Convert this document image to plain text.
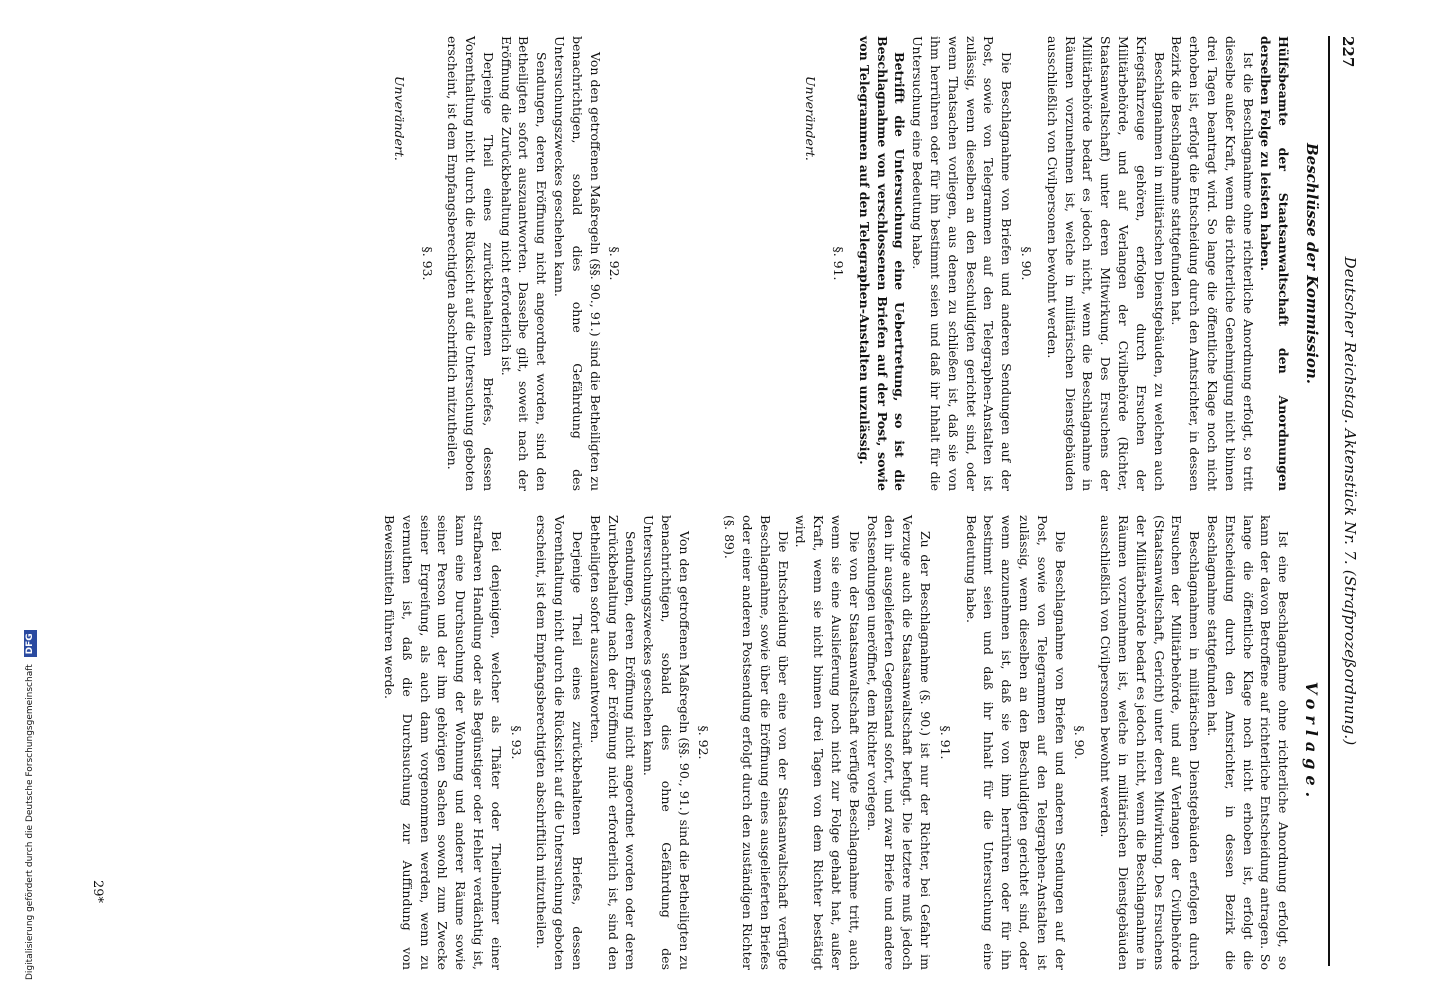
227
Deutscher Reichstag. Aktenstück Nr. 7. (Strafprozeßordnung.)
Beschlüsse der Kommission.

Hülfsbeamte der Staatsanwaltschaft den Anordnungen derselben Folge zu leisten haben.

Ist die Beschlagnahme ohne richterliche Anordnung erfolgt, so tritt dieselbe außer Kraft, wenn die richterliche Genehmigung nicht binnen drei Tagen beantragt wird. So lange die öffentliche Klage noch nicht erhoben ist, erfolgt die Entscheidung durch den Amtsrichter, in dessen Bezirk die Beschlagnahme stattgefunden hat.

Beschlagnahmen in militärischen Dienstgebäuden, zu welchen auch Kriegsfahrzeuge gehören, erfolgen durch Ersuchen der Militärbehörde, und auf Verlangen der Civilbehörde (Richter, Staatsanwaltschaft) unter deren Mitwirkung. Des Ersuchens der Militärbehörde bedarf es jedoch nicht, wenn die Beschlagnahme in Räumen vorzunehmen ist, welche in militärischen Dienstgebäuden ausschließlich von Civilpersonen bewohnt werden.

§. 90.

Die Beschlagnahme von Briefen und anderen Sendungen auf der Post, sowie von Telegrammen auf den Telegraphen-Anstalten ist zulässig, wenn dieselben an den Beschuldigten gerichtet sind, oder wenn Thatsachen vorliegen, aus denen zu schließen ist, daß sie von ihm herrühren oder für ihn bestimmt seien und daß ihr Inhalt für die Untersuchung eine Bedeutung habe.

Betrifft die Untersuchung eine Uebertretung, so ist die Beschlagnahme von verschlossenen Briefen auf der Post, sowie von Telegrammen auf den Telegraphen-Anstalten unzulässig.

§. 91.
Unverändert.
§. 92.

Von den getroffenen Maßregeln (§§. 90., 91.) sind die Betheiligten zu benachrichtigen, sobald dies ohne Gefährdung des Untersuchungszweckes geschehen kann.

Sendungen, deren Eröffnung nicht angeordnet worden, sind den Betheiligten sofort auszuantworten. Dasselbe gilt, soweit nach der Eröffnung die Zurückbehaltung nicht erforderlich ist.

Derjenige Theil eines zurückbehaltenen Briefes, dessen Vorenthaltung nicht durch die Rücksicht auf die Untersuchung geboten erscheint, ist dem Empfangsberechtigten abschriftlich mitzutheilen.

§. 93.
Unverändert.
Vorlage.

Ist eine Beschlagnahme ohne richterliche Anordnung erfolgt, so kann der davon Betroffene auf richterliche Entscheidung antragen. So lange die öffentliche Klage noch nicht erhoben ist, erfolgt die Entscheidung durch den Amtsrichter, in dessen Bezirk die Beschlagnahme stattgefunden hat.

Beschlagnahmen in militärischen Dienstgebäuden erfolgen durch Ersuchen der Militärbehörde, und auf Verlangen der Civilbehörde (Staatsanwaltschaft, Gericht) unter deren Mitwirkung. Des Ersuchens der Militärbehörde bedarf es jedoch nicht, wenn die Beschlagnahme in Räumen vorzunehmen ist, welche in militärischen Dienstgebäuden ausschließlich von Civilpersonen bewohnt werden.

§. 90.

Die Beschlagnahme von Briefen und anderen Sendungen auf der Post, sowie von Telegrammen auf den Telegraphen-Anstalten ist zulässig, wenn dieselben an den Beschuldigten gerichtet sind, oder wenn anzunehmen ist, daß sie von ihm herrühren oder für ihn bestimmt seien und daß ihr Inhalt für die Untersuchung eine Bedeutung habe.

§. 91.

Zu der Beschlagnahme (§. 90.) ist nur der Richter, bei Gefahr im Verzuge auch die Staatsanwaltschaft befugt. Die letztere muß jedoch den ihr ausgelieferten Gegenstand sofort, und zwar Briefe und andere Postsendungen uneröffnet, dem Richter vorlegen.

Die von der Staatsanwaltschaft verfügte Beschlagnahme tritt, auch wenn sie eine Auslieferung noch nicht zur Folge gehabt hat, außer Kraft, wenn sie nicht binnen drei Tagen von dem Richter bestätigt wird.

Die Entscheidung über eine von der Staatsanwaltschaft verfügte Beschlagnahme, sowie über die Eröffnung eines ausgelieferten Briefes oder einer anderen Postsendung erfolgt durch den zuständigen Richter (§. 89).

§. 92.

Von den getroffenen Maßregeln (§§. 90., 91.) sind die Betheiligten zu benachrichtigen, sobald dies ohne Gefährdung des Untersuchungszweckes geschehen kann.

Sendungen, deren Eröffnung nicht angeordnet worden oder deren Zurückbehaltung nach der Eröffnung nicht erforderlich ist, sind den Betheiligten sofort auszuantworten.

Derjenige Theil eines zurückbehaltenen Briefes, dessen Vorenthaltung nicht durch die Rücksicht auf die Untersuchung geboten erscheint, ist dem Empfangsberechtigten abschriftlich mitzutheilen.

§. 93.

Bei denjenigen, welcher als Thäter oder Theilnehmer einer strafbaren Handlung oder als Begünstiger oder Hehler verdächtig ist, kann eine Durchsuchung der Wohnung und anderer Räume sowie seiner Person und der ihm gehörigen Sachen sowohl zum Zwecke seiner Ergreifung, als auch dann vorgenommen werden, wenn zu vermuthen ist, daß die Durchsuchung zur Auffindung von Beweismitteln führen werde.

29*
Digitalisierung gefördert durch die Deutsche Forschungsgemeinschaft DFG
